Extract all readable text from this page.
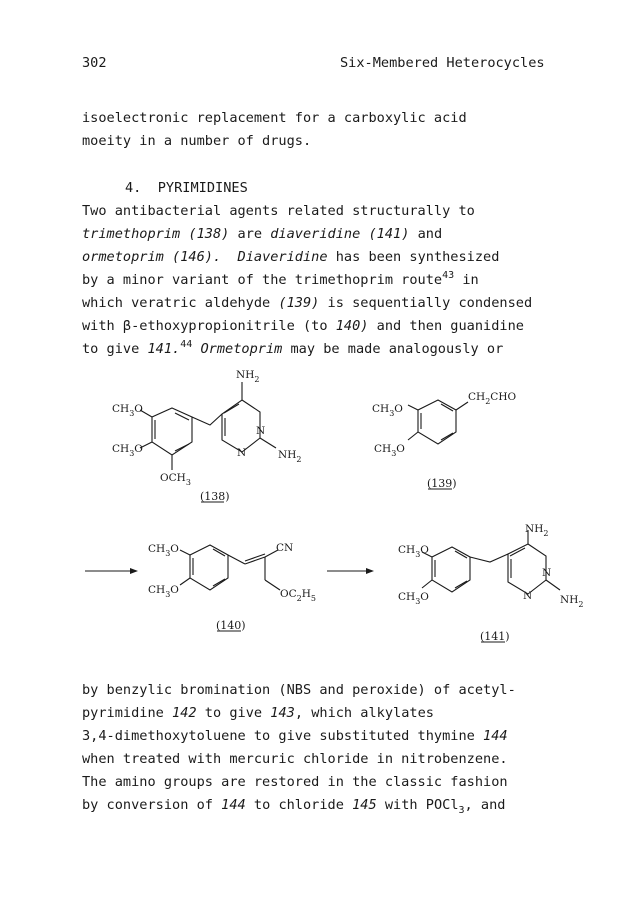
302	Six-Membered Heterocycles
isoelectronic replacement for a carboxylic acid
moeity in a number of drugs.
4.  PYRIMIDINES
Two antibacterial agents related structurally to
trimethoprim (138) are diaveridine (141) and
ormetoprim (146). Diaveridine has been synthesized
by a minor variant of the trimethoprim route$^{43}$ in
which veratric aldehyde (139) is sequentially condensed
with β-ethoxypropionitrile (to 140) and then guanidine
to give 141.44 Ormetoprim may be made analogously or
$NH_2$
$CH_3O$
$CH_3O$
$OCH_3$
N
N	$NH_2$
(138)
$CH_3O$
$CH_3O$
$CH_2CHO$
(139)
$CH_3O$
$CH_3O$
CN
$OC_2H_5$
(140)
$NH_2$
$CH_3O$
$CH_3O$
N
N	$NH_2$
(141)
by benzylic bromination (NBS and peroxide) of acetyl-
pyrimidine 142 to give 143, which alkylates
3,4-dimethoxytoluene to give substituted thymine 144
when treated with mercuric chloride in nitrobenzene.
The amino groups are restored in the classic fashion
by conversion of 144 to chloride 145 with POCl$_3$, and
